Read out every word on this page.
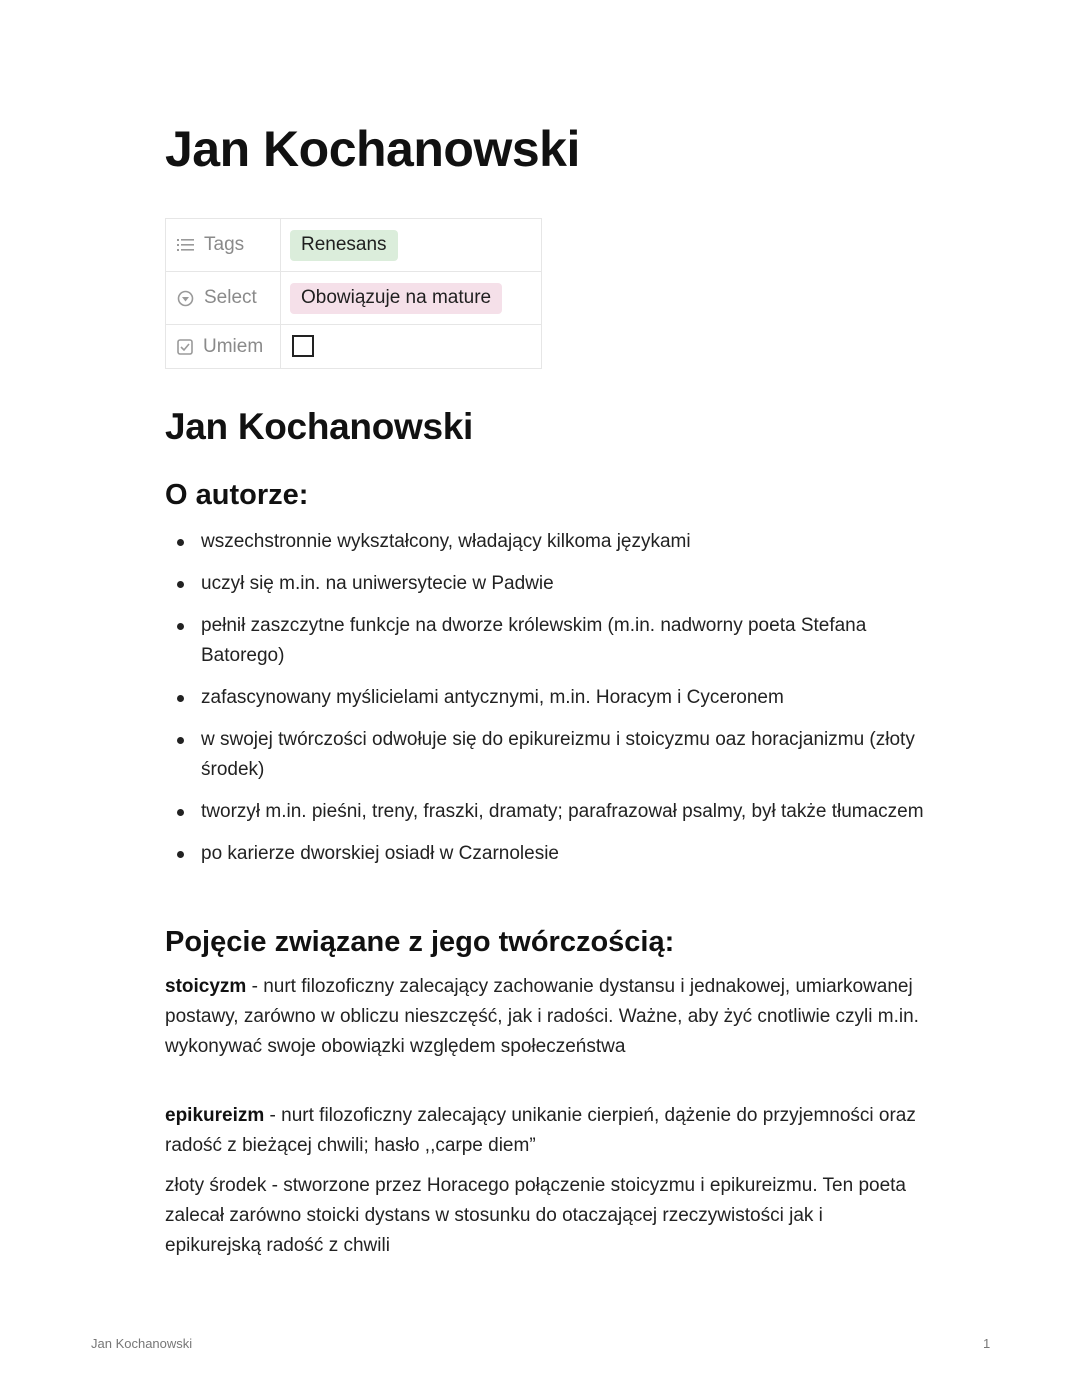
Jan Kochanowski
Tags	Renesans

Select	Obowiązuje na mature

Umiem	

Jan Kochanowski
O autorze:
wszechstronnie wykształcony, władający kilkoma językami
uczył się m.in. na uniwersytecie w Padwie
pełnił zaszczytne funkcje na dworze królewskim (m.in. nadworny poeta Stefana Batorego)
zafascynowany myślicielami antycznymi, m.in. Horacym i Cyceronem
w swojej twórczości odwołuje się do epikureizmu i stoicyzmu oaz horacjanizmu (złoty środek)
tworzył m.in. pieśni, treny, fraszki, dramaty; parafrazował psalmy, był także tłumaczem
po karierze dworskiej osiadł w Czarnolesie
Pojęcie związane z jego twórczością:

stoicyzm - nurt filozoficzny zalecający zachowanie dystansu i jednakowej, umiarkowanej postawy, zarówno w obliczu nieszczęść, jak i radości. Ważne, aby żyć cnotliwie czyli m.in. wykonywać swoje obowiązki względem społeczeństwa

epikureizm - nurt filozoficzny zalecający unikanie cierpień, dążenie do przyjemności oraz radość z bieżącej chwili; hasło ,,carpe diem”

złoty środek - stworzone przez Horacego połączenie stoicyzmu i epikureizmu. Ten poeta zalecał zarówno stoicki dystans w stosunku do otaczającej rzeczywistości jak i epikurejską radość z chwili

Jan Kochanowski	1
